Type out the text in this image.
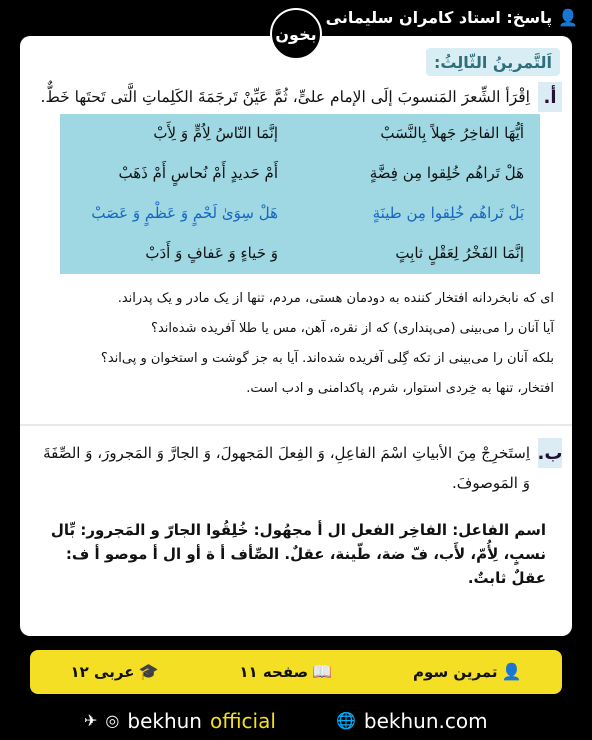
👤
پاسخ: استاد کامران سلیمانی
بخون
اَلتَّمرینُ الثّالِثُ:
أ.
اِقْرَأ الشِّعرَ المَنسوبَ إلَی الإمام علیٍّ، ثُمَّ عَیِّنْ تَرجَمَةَ الکَلِماتِ الَّتی تَحتَها خَطٌّ.
أیُّهَا الفاخِرُ جَهلاً بِالنَّسَبْ
إنَّمَا النّاسُ لِاُمٍّ وَ لِأَبْ
هَلْ تَراهُم خُلِقوا مِن فِضَّةٍ
أَمْ حَدیدٍ أَمْ نُحاسٍ أَمْ ذَهَبْ
بَلْ تَراهُم خُلِقوا مِن طینَةٍ
هَلْ سِوَیٰ لَحْمٍ وَ عَظْمٍ وَ عَصَبْ
إنَّمَا الفَخْرُ لِعَقْلٍ ثابِتٍ
وَ حَیاءٍ وَ عَفافٍ وَ أَدَبْ

ای که نابخردانه افتخار کننده به دودمان هستی، مردم، تنها از یک مادر و یک پدراند.

آیا آنان را می‌بینی (می‌پنداری) که از نقره، آهن، مس یا طلا آفریده شده‌اند؟

بلکه آنان را می‌بینی از تکه گِلی آفریده شده‌اند. آیا به جز گوشت و استخوان و پی‌اند؟

افتخار، تنها به خِردی استوار، شرم، پاکدامنی و ادب است.

ب.
اِستَخرِجْ مِنَ الأبیاتِ اسْمَ الفاعِلِ، وَ الفِعلَ المَجهولَ، وَ الجارَّ وَ المَجرورَ، وَ الصِّفَةَ وَ المَوصوفَ.
اسم الفاعل: الفاخِر الفعل ال أ مجهُول: خُلِقُوا الجارّ و المَجرور: بِّال نسبٍ، لِأُمّ، لأَب، فّ ضة، طّينة، عقلٌ. الصِّأف أ ة أو ال أ موصو أ ف: عقلٌ ثابتٌ.
👤
تمرین سوم
📖
صفحه ۱۱
🎓
عربی ۱۲
✈ ◎ bekhun official	🌐 bekhun.com
